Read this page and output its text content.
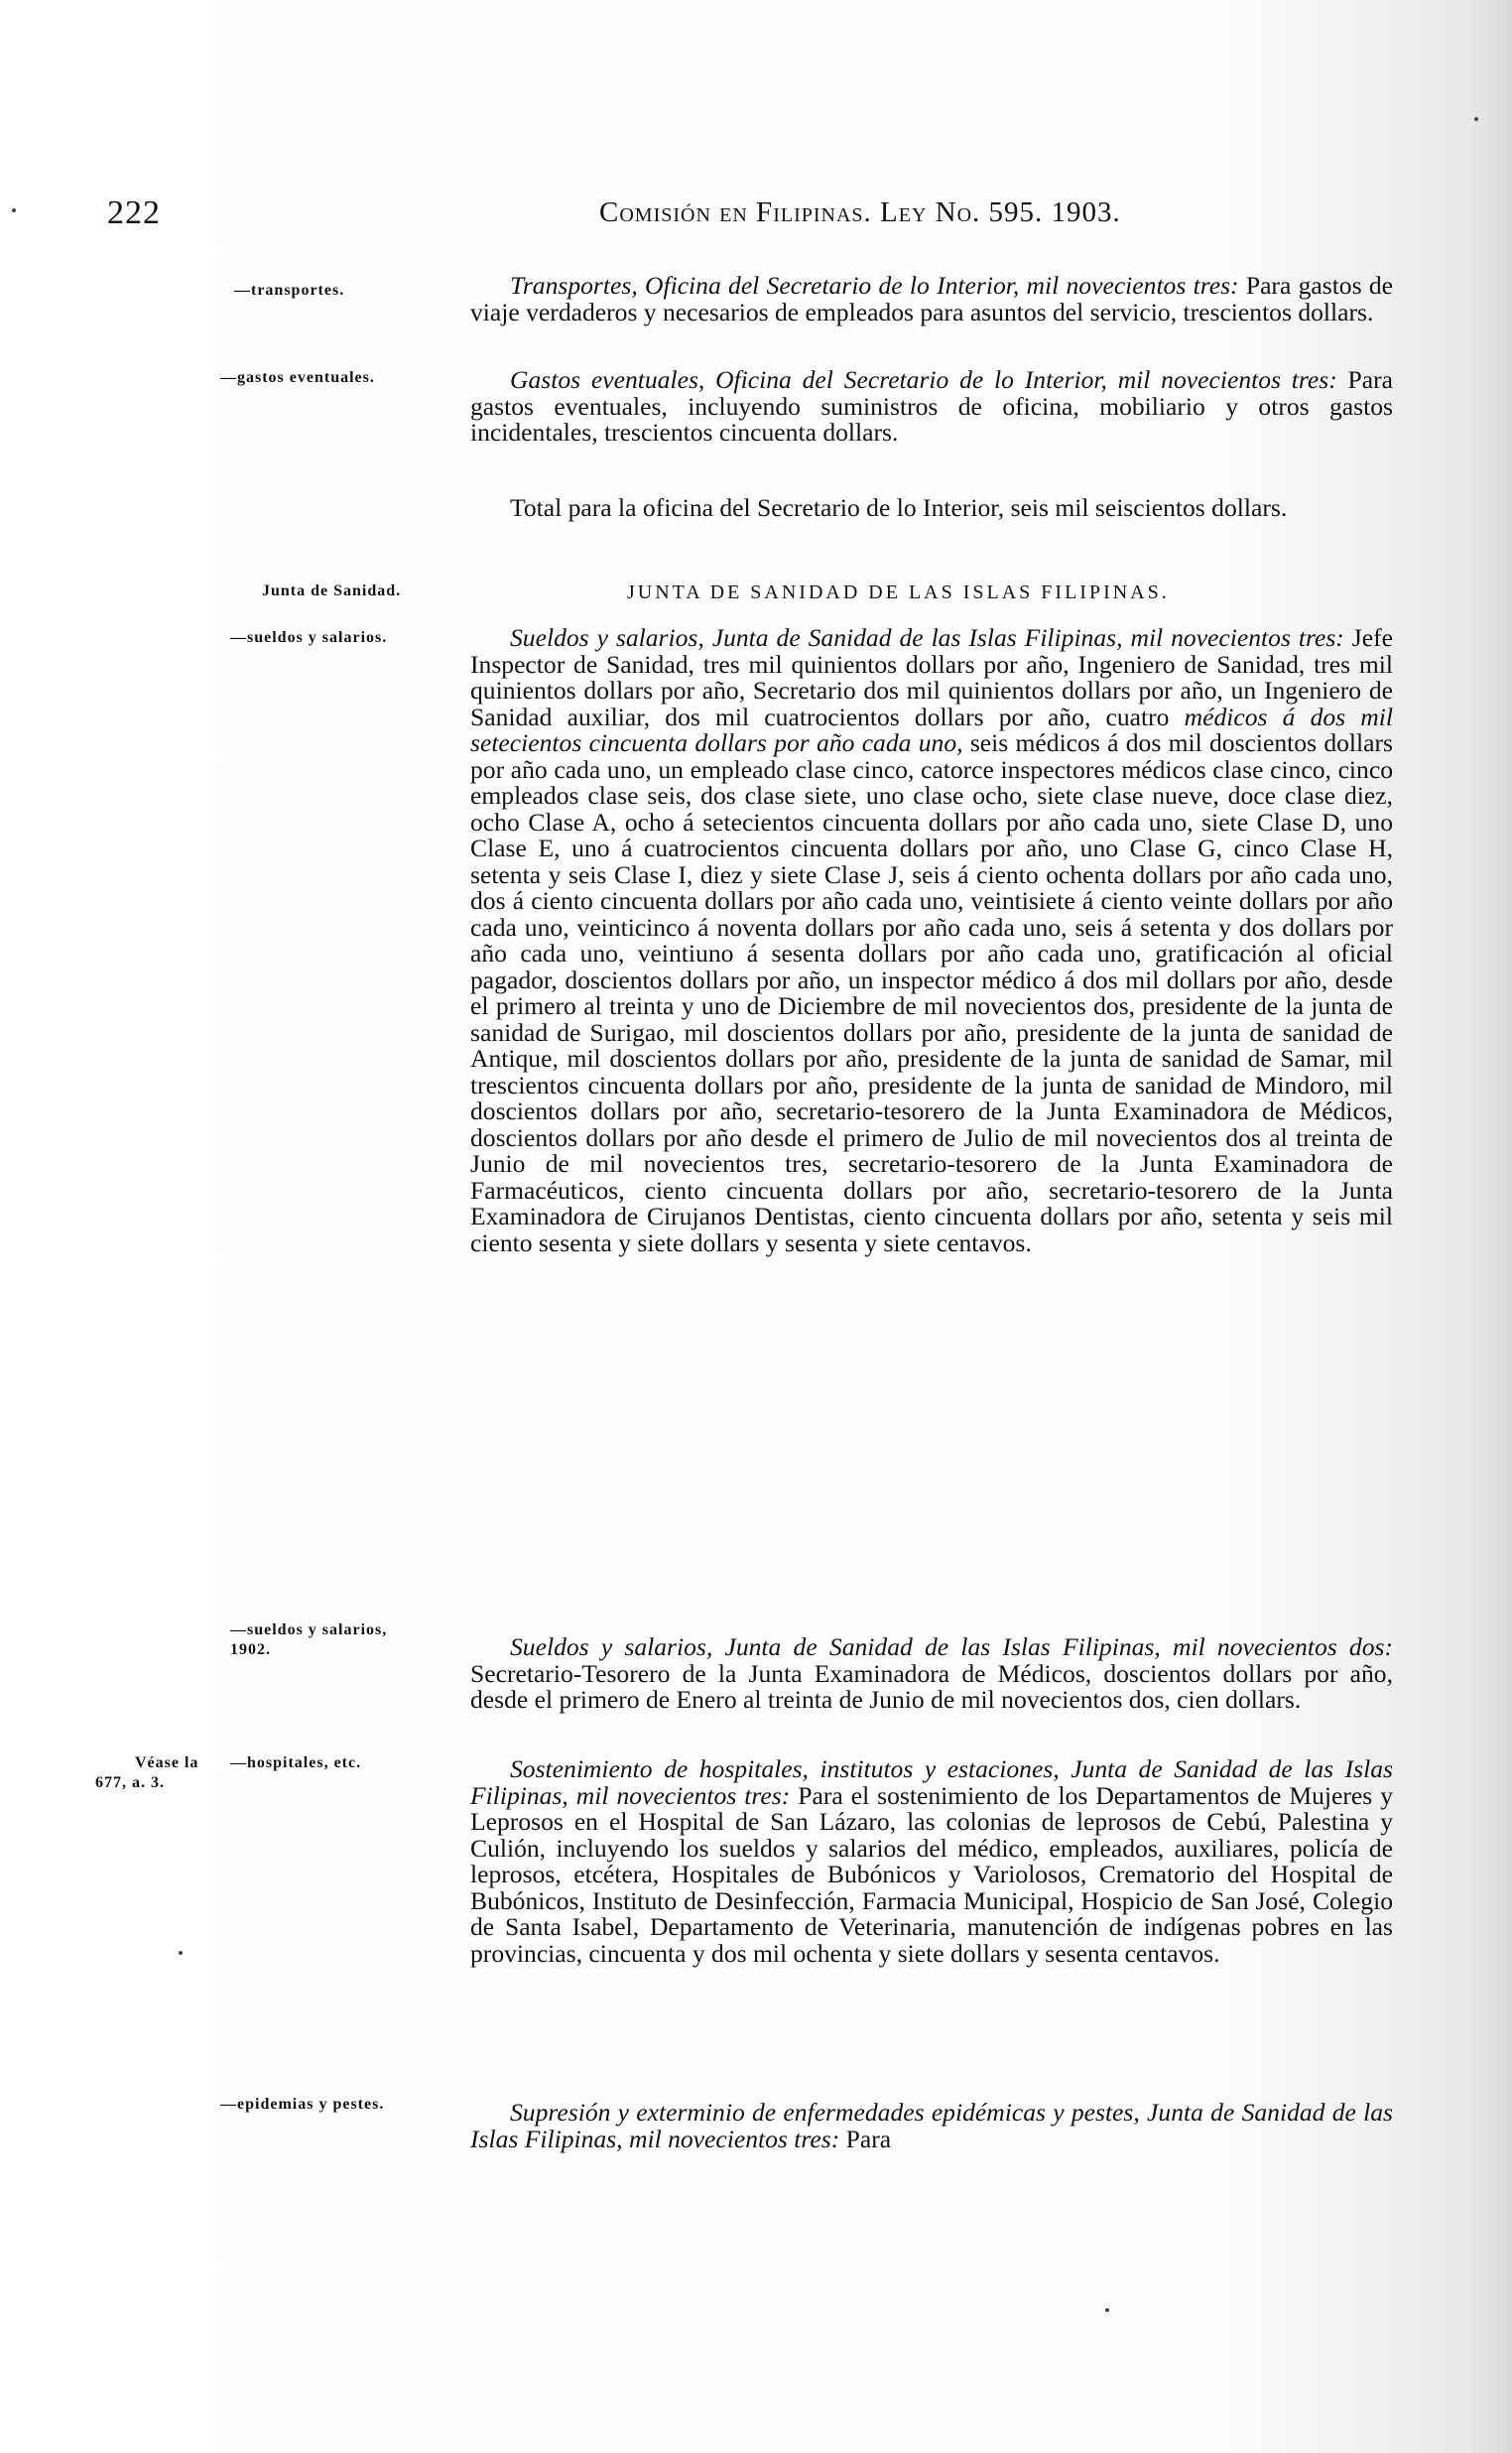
222	Comisión en Filipinas. Ley No. 595. 1903.
—transportes.
—gastos eventuales.
Junta de Sanidad.
—sueldos y salarios.
—sueldos y salarios,
1902.
Véase la
677, a. 3.
—hospitales, etc.
—epidemias y pestes.
Transportes, Oficina del Secretario de lo Interior, mil novecientos tres: Para gastos de viaje verdaderos y necesarios de empleados para asuntos del servicio, trescientos dollars.
Gastos eventuales, Oficina del Secretario de lo Interior, mil novecientos tres: Para gastos eventuales, incluyendo suministros de oficina, mobiliario y otros gastos incidentales, trescientos cincuenta dollars.
Total para la oficina del Secretario de lo Interior, seis mil seiscientos dollars.
JUNTA DE SANIDAD DE LAS ISLAS FILIPINAS.
Sueldos y salarios, Junta de Sanidad de las Islas Filipinas, mil novecientos tres: Jefe Inspector de Sanidad, tres mil quinientos dollars por año, Ingeniero de Sanidad, tres mil quinientos dollars por año, Secretario dos mil quinientos dollars por año, un Ingeniero de Sanidad auxiliar, dos mil cuatrocientos dollars por año, cuatro médicos á dos mil setecientos cincuenta dollars por año cada uno, seis médicos á dos mil doscientos dollars por año cada uno, un empleado clase cinco, catorce inspectores médicos clase cinco, cinco empleados clase seis, dos clase siete, uno clase ocho, siete clase nueve, doce clase diez, ocho Clase A, ocho á setecientos cincuenta dollars por año cada uno, siete Clase D, uno Clase E, uno á cuatrocientos cincuenta dollars por año, uno Clase G, cinco Clase H, setenta y seis Clase I, diez y siete Clase J, seis á ciento ochenta dollars por año cada uno, dos á ciento cincuenta dollars por año cada uno, veintisiete á ciento veinte dollars por año cada uno, veinticinco á noventa dollars por año cada uno, seis á setenta y dos dollars por año cada uno, veintiuno á sesenta dollars por año cada uno, gratificación al oficial pagador, doscientos dollars por año, un inspector médico á dos mil dollars por año, desde el primero al treinta y uno de Diciembre de mil novecientos dos, presidente de la junta de sanidad de Surigao, mil doscientos dollars por año, presidente de la junta de sanidad de Antique, mil doscientos dollars por año, presidente de la junta de sanidad de Samar, mil trescientos cincuenta dollars por año, presidente de la junta de sanidad de Mindoro, mil doscientos dollars por año, secretario-tesorero de la Junta Examinadora de Médicos, doscientos dollars por año desde el primero de Julio de mil novecientos dos al treinta de Junio de mil novecientos tres, secretario-tesorero de la Junta Examinadora de Farmacéuticos, ciento cincuenta dollars por año, secretario-tesorero de la Junta Examinadora de Cirujanos Dentistas, ciento cincuenta dollars por año, setenta y seis mil ciento sesenta y siete dollars y sesenta y siete centavos.
Sueldos y salarios, Junta de Sanidad de las Islas Filipinas, mil novecientos dos: Secretario-Tesorero de la Junta Examinadora de Médicos, doscientos dollars por año, desde el primero de Enero al treinta de Junio de mil novecientos dos, cien dollars.
Sostenimiento de hospitales, institutos y estaciones, Junta de Sanidad de las Islas Filipinas, mil novecientos tres: Para el sostenimiento de los Departamentos de Mujeres y Leprosos en el Hospital de San Lázaro, las colonias de leprosos de Cebú, Palestina y Culión, incluyendo los sueldos y salarios del médico, empleados, auxiliares, policía de leprosos, etcétera, Hospitales de Bubónicos y Variolosos, Crematorio del Hospital de Bubónicos, Instituto de Desinfección, Farmacia Municipal, Hospicio de San José, Colegio de Santa Isabel, Departamento de Veterinaria, manutención de indígenas pobres en las provincias, cincuenta y dos mil ochenta y siete dollars y sesenta centavos.
Supresión y exterminio de enfermedades epidémicas y pestes, Junta de Sanidad de las Islas Filipinas, mil novecientos tres: Para
